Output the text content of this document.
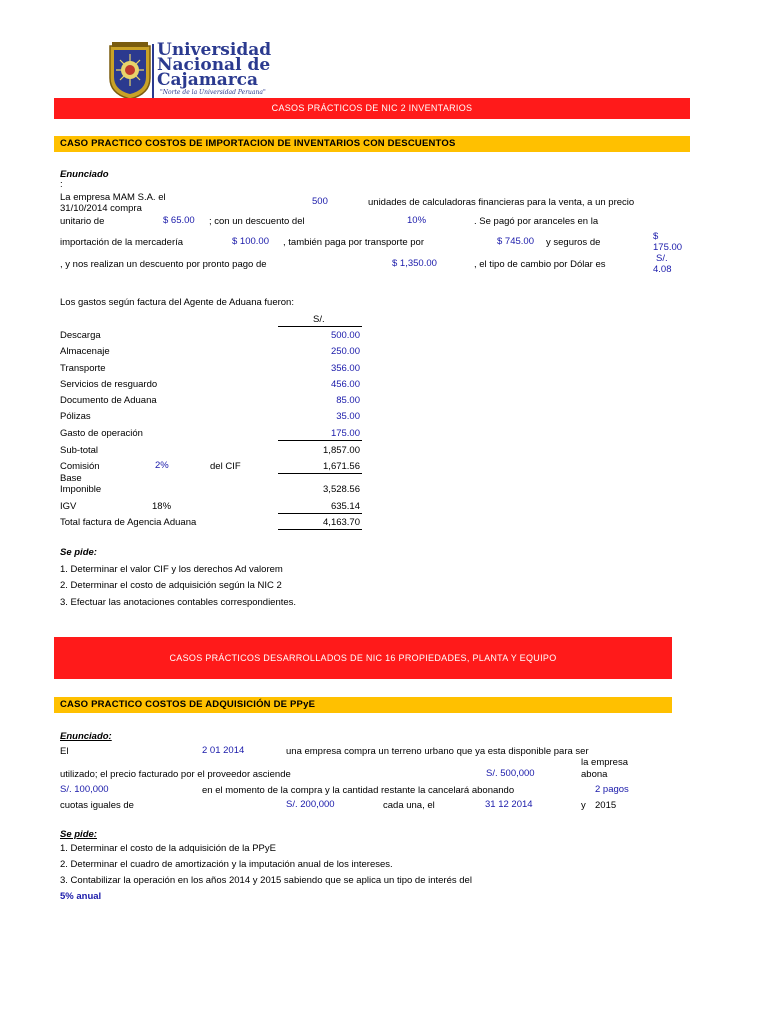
Universidad
Nacional de
Cajamarca
"Norte de la Universidad Peruana"
CASOS PRÁCTICOS DE NIC 2 INVENTARIOS
CASO PRACTICO COSTOS DE IMPORTACION DE INVENTARIOS CON DESCUENTOS
Enunciado
:
La empresa MAM S.A. el
31/10/2014 compra
500	unidades de calculadoras financieras para la venta, a un precio
unitario de	$ 65.00 ; con un descuento del	10%	. Se pagó por aranceles en la
importación de la mercadería	$ 100.00 , también paga por transporte por	$ 745.00 y seguros de
$
175.00
, y nos realizan un descuento por pronto pago de	$ 1,350.00	, el tipo de cambio por Dólar es
S/.
4.08
Los gastos según factura del Agente de Aduana fueron:
S/.
Descarga	500.00
Almacenaje	250.00
Transporte	356.00
Servicios de resguardo	456.00
Documento de Aduana	85.00
Pólizas	35.00
Gasto de operación	175.00
Sub-total	1,857.00
Comisión	2%	del CIF	1,671.56
Base
Imponible	3,528.56
IGV	18%	635.14
Total factura de Agencia Aduana	4,163.70
Se pide:
1. Determinar el valor CIF y los derechos Ad valorem
2. Determinar el costo de adquisición según la NIC 2
3. Efectuar las anotaciones contables correspondientes.
CASOS PRÁCTICOS DESARROLLADOS DE NIC 16 PROPIEDADES, PLANTA Y EQUIPO
CASO PRACTICO COSTOS DE ADQUISICIÓN DE PPyE
Enunciado:
El	2 01 2014	una empresa compra un terreno urbano que ya esta disponible para ser
utilizado; el precio facturado por el proveedor asciende	S/. 500,000
la empresa
abona
S/. 100,000	en el momento de la compra y la cantidad restante la cancelará abonando	2 pagos
cuotas iguales de	S/. 200,000	cada una, el	31 12 2014	y 2015
Se pide:
1. Determinar el costo de la adquisición de la PPyE
2. Determinar el cuadro de amortización y la imputación anual de los intereses.
3. Contabilizar la operación en los años 2014 y 2015 sabiendo que se aplica un tipo de interés del
5% anual
